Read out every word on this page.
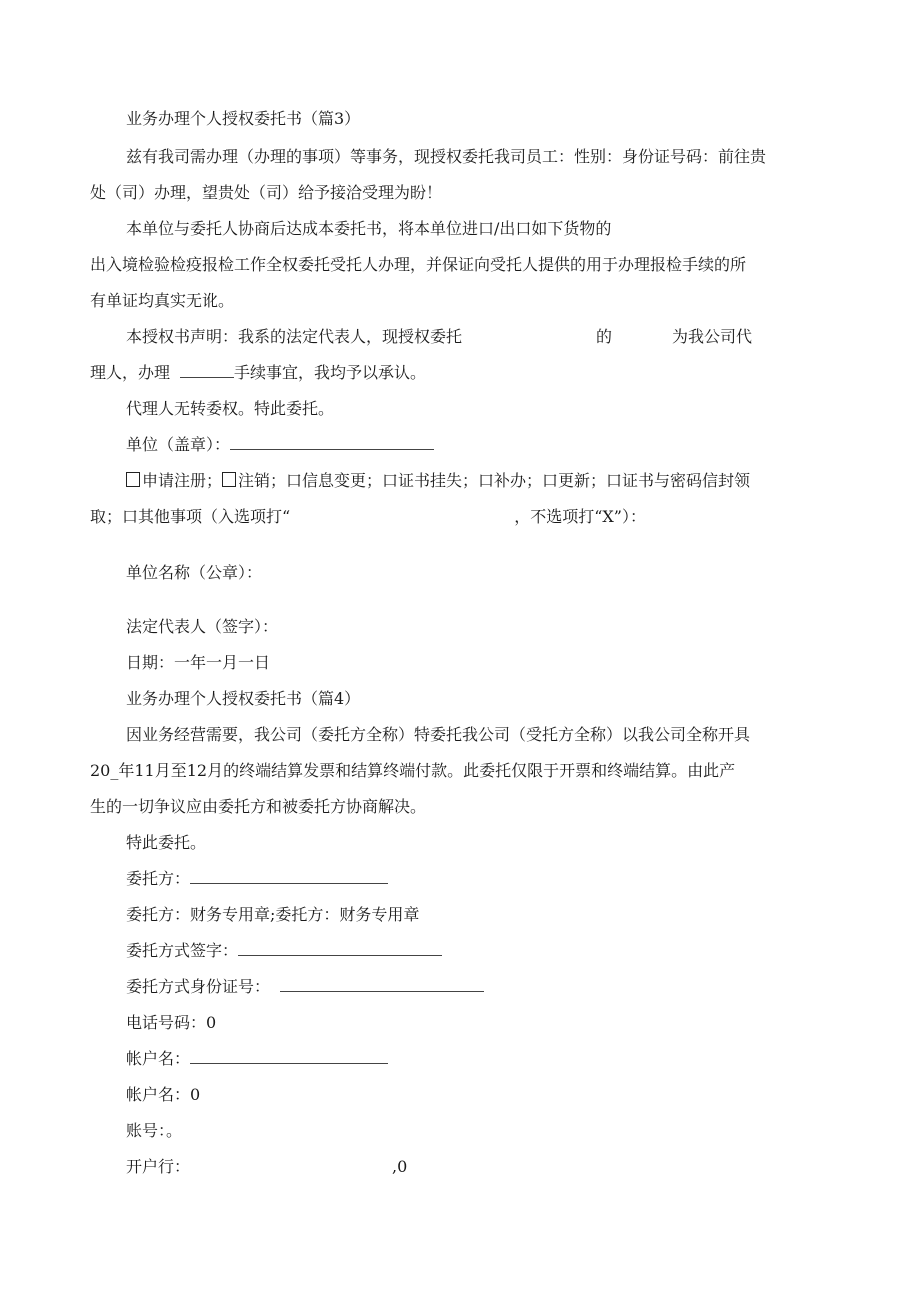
业务办理个人授权委托书（篇3）
兹有我司需办理（办理的事项）等事务，现授权委托我司员工：性别：身份证号码：前往贵
处（司）办理，望贵处（司）给予接洽受理为盼！
本单位与委托人协商后达成本委托书，将本单位进口/出口如下货物的
出入境检验检疫报检工作全权委托受托人办理，并保证向受托人提供的用于办理报检手续的所
有单证均真实无讹。
本授权书声明：我系的法定代表人，现授权委托	的	为我公司代
理人，办理	手续事宜，我均予以承认。
代理人无转委权。特此委托。
单位（盖章）：
申请注册； 注销；口信息变更；口证书挂失；口补办；口更新；口证书与密码信封领
取；口其他事项（入选项打“	，不选项打“X”）：
单位名称（公章）：
法定代表人（签字）：
日期：一年一月一日
业务办理个人授权委托书（篇4）
因业务经营需要，我公司（委托方全称）特委托我公司（受托方全称）以我公司全称开具
20_年11月至12月的终端结算发票和结算终端付款。此委托仅限于开票和终端结算。由此产
生的一切争议应由委托方和被委托方协商解决。
特此委托。
委托方：
委托方：财务专用章;委托方：财务专用章
委托方式签字：
委托方式身份证号：
电话号码：0
帐户名：
帐户名：0
账号：。
开户行：	,0
